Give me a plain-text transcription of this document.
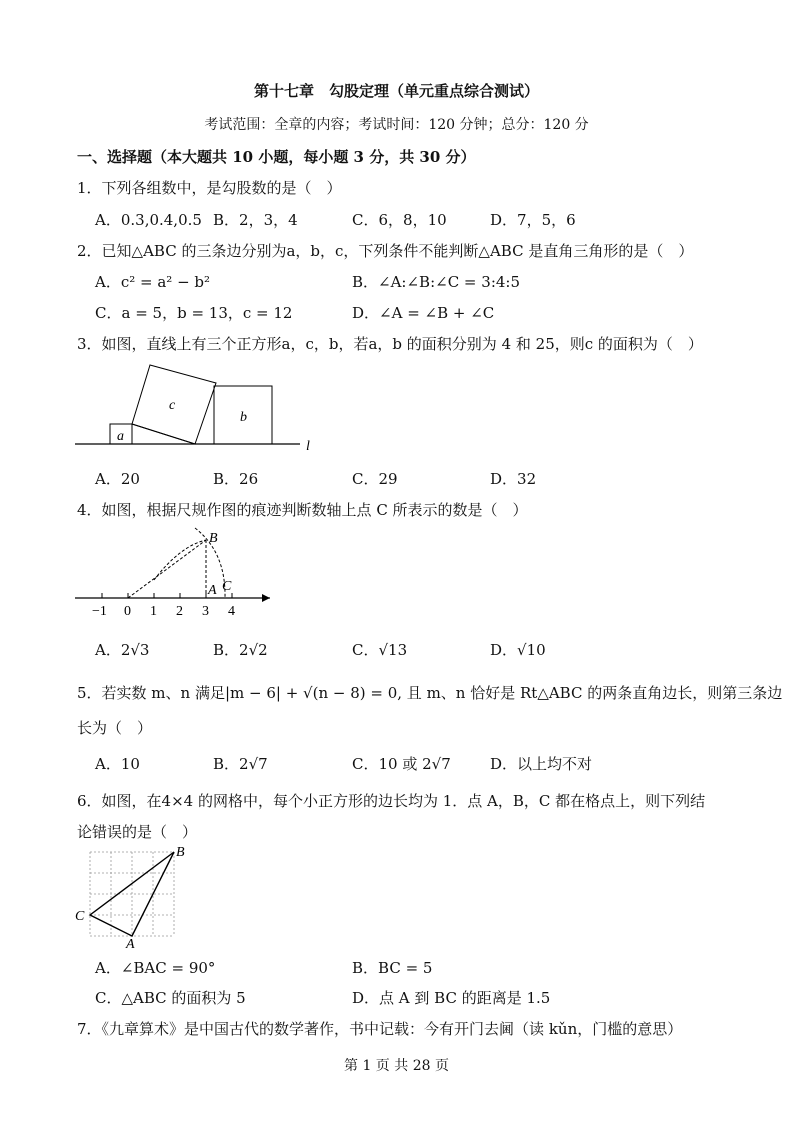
第十七章　勾股定理（单元重点综合测试）
考试范围：全章的内容；考试时间：120 分钟；总分：120 分
一、选择题（本大题共 10 小题，每小题 3 分，共 30 分）
1．下列各组数中，是勾股数的是（　）
A．0.3,0.4,0.5 B．2，3，4	C．6，8，10	D．7，5，6
2．已知△ABC 的三条边分别为a，b，c，下列条件不能判断△ABC 是直角三角形的是（　）
A．c² = a² − b²	B．∠A:∠B:∠C = 3:4:5
C．a = 5，b = 13，c = 12	D．∠A = ∠B + ∠C
3．如图，直线上有三个正方形a，c，b，若a，b 的面积分别为 4 和 25，则c 的面积为（　）
a
c
b
l
A．20	B．26	C．29	D．32
4．如图，根据尺规作图的痕迹判断数轴上点 C 所表示的数是（　）
B
A C
−1 0 1 2 3 4
A．2√3	B．2√2	C．√13	D．√10
5．若实数 m、n 满足|m − 6| + √(n − 8) = 0, 且 m、n 恰好是 Rt△ABC 的两条直角边长，则第三条边
长为（　）
A．10	B．2√7	C．10 或 2√7	D．以上均不对
6．如图，在4×4 的网格中，每个小正方形的边长均为 1．点 A，B，C 都在格点上，则下列结
论错误的是（　）
B
C
A
A．∠BAC = 90°	B．BC = 5
C．△ABC 的面积为 5	D．点 A 到 BC 的距离是 1.5
7．《九章算术》是中国古代的数学著作，书中记载：今有开门去阃（读 kǔn，门槛的意思）
第 1 页 共 28 页
